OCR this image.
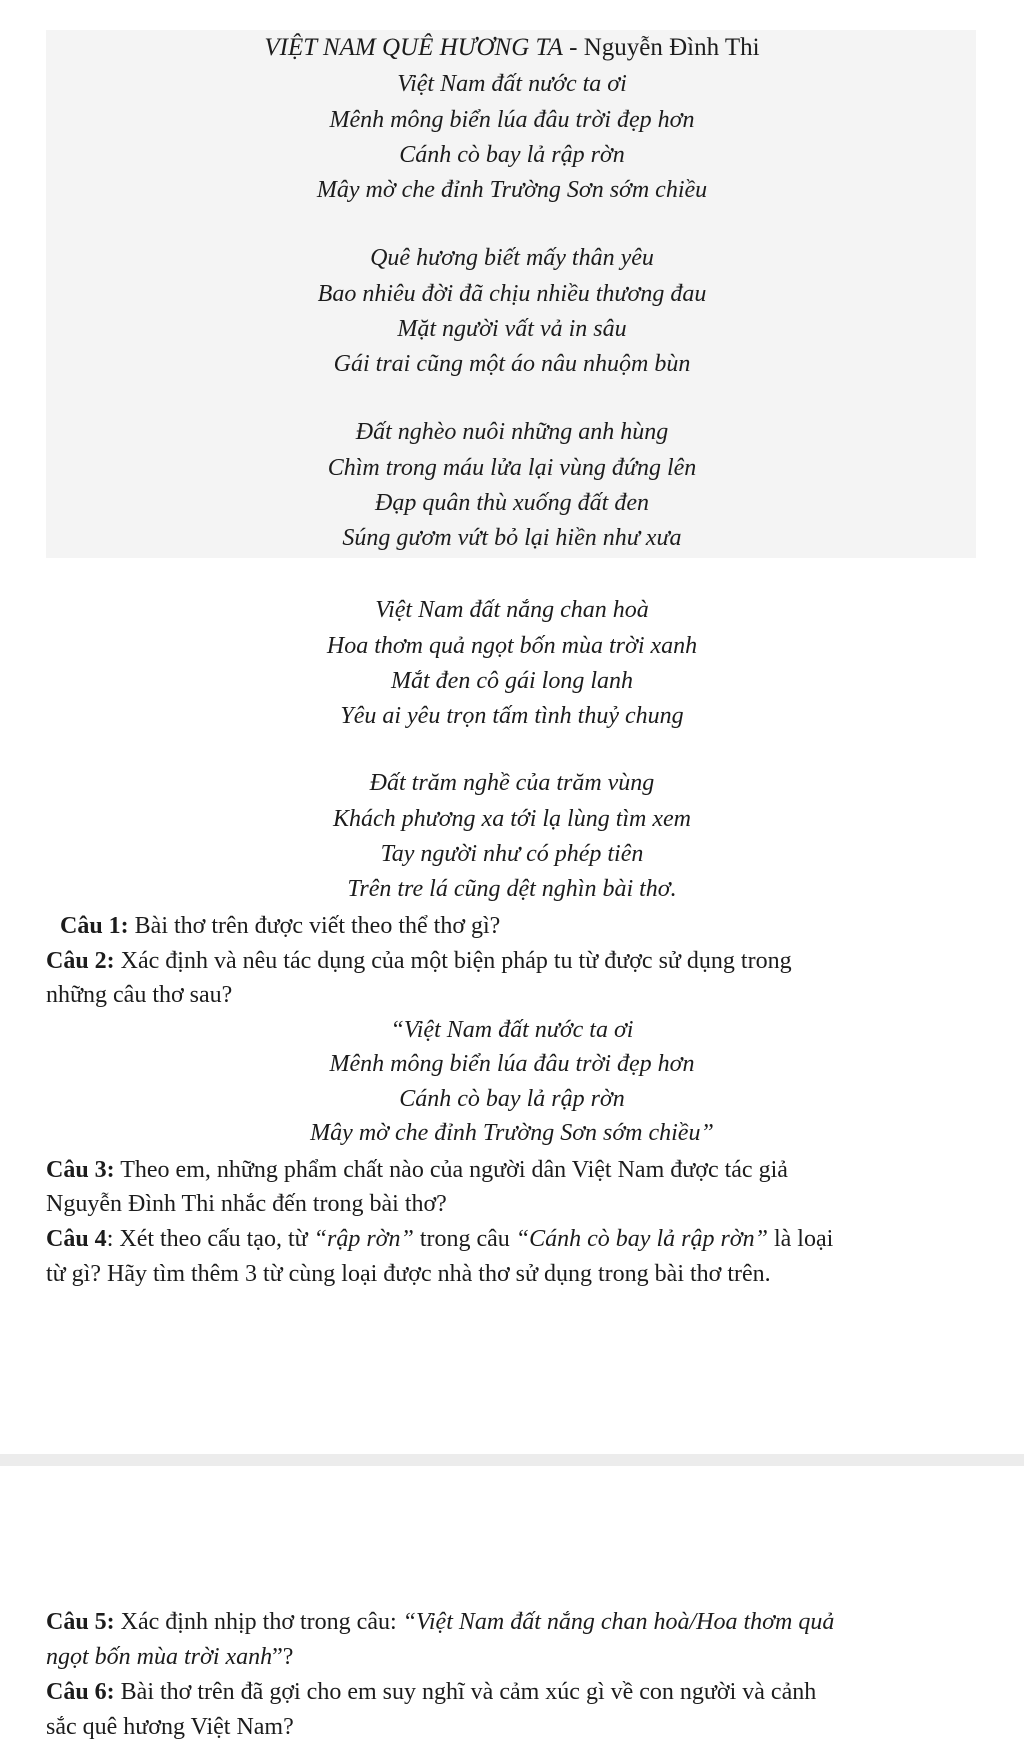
VIỆT NAM QUÊ HƯƠNG TA - Nguyễn Đình Thi
Việt Nam đất nước ta ơi
Mênh mông biển lúa đâu trời đẹp hơn
Cánh cò bay lả rập rờn
Mây mờ che đỉnh Trường Sơn sớm chiều
Quê hương biết mấy thân yêu
Bao nhiêu đời đã chịu nhiều thương đau
Mặt người vất vả in sâu
Gái trai cũng một áo nâu nhuộm bùn
Đất nghèo nuôi những anh hùng
Chìm trong máu lửa lại vùng đứng lên
Đạp quân thù xuống đất đen
Súng gươm vứt bỏ lại hiền như xưa
Việt Nam đất nắng chan hoà
Hoa thơm quả ngọt bốn mùa trời xanh
Mắt đen cô gái long lanh
Yêu ai yêu trọn tấm tình thuỷ chung
Đất trăm nghề của trăm vùng
Khách phương xa tới lạ lùng tìm xem
Tay người như có phép tiên
Trên tre lá cũng dệt nghìn bài thơ.
Câu 1: Bài thơ trên được viết theo thể thơ gì?
Câu 2: Xác định và nêu tác dụng của một biện pháp tu từ được sử dụng trong
những câu thơ sau?
“Việt Nam đất nước ta ơi
Mênh mông biển lúa đâu trời đẹp hơn
Cánh cò bay lả rập rờn
Mây mờ che đỉnh Trường Sơn sớm chiều”
Câu 3: Theo em, những phẩm chất nào của người dân Việt Nam được tác giả
Nguyễn Đình Thi nhắc đến trong bài thơ?
Câu 4: Xét theo cấu tạo, từ “rập rờn” trong câu “Cánh cò bay lả rập rờn” là loại
từ gì? Hãy tìm thêm 3 từ cùng loại được nhà thơ sử dụng trong bài thơ trên.
Câu 5: Xác định nhịp thơ trong câu: “Việt Nam đất nắng chan hoà/Hoa thơm quả
ngọt bốn mùa trời xanh”?
Câu 6: Bài thơ trên đã gợi cho em suy nghĩ và cảm xúc gì về con người và cảnh
sắc quê hương Việt Nam?
